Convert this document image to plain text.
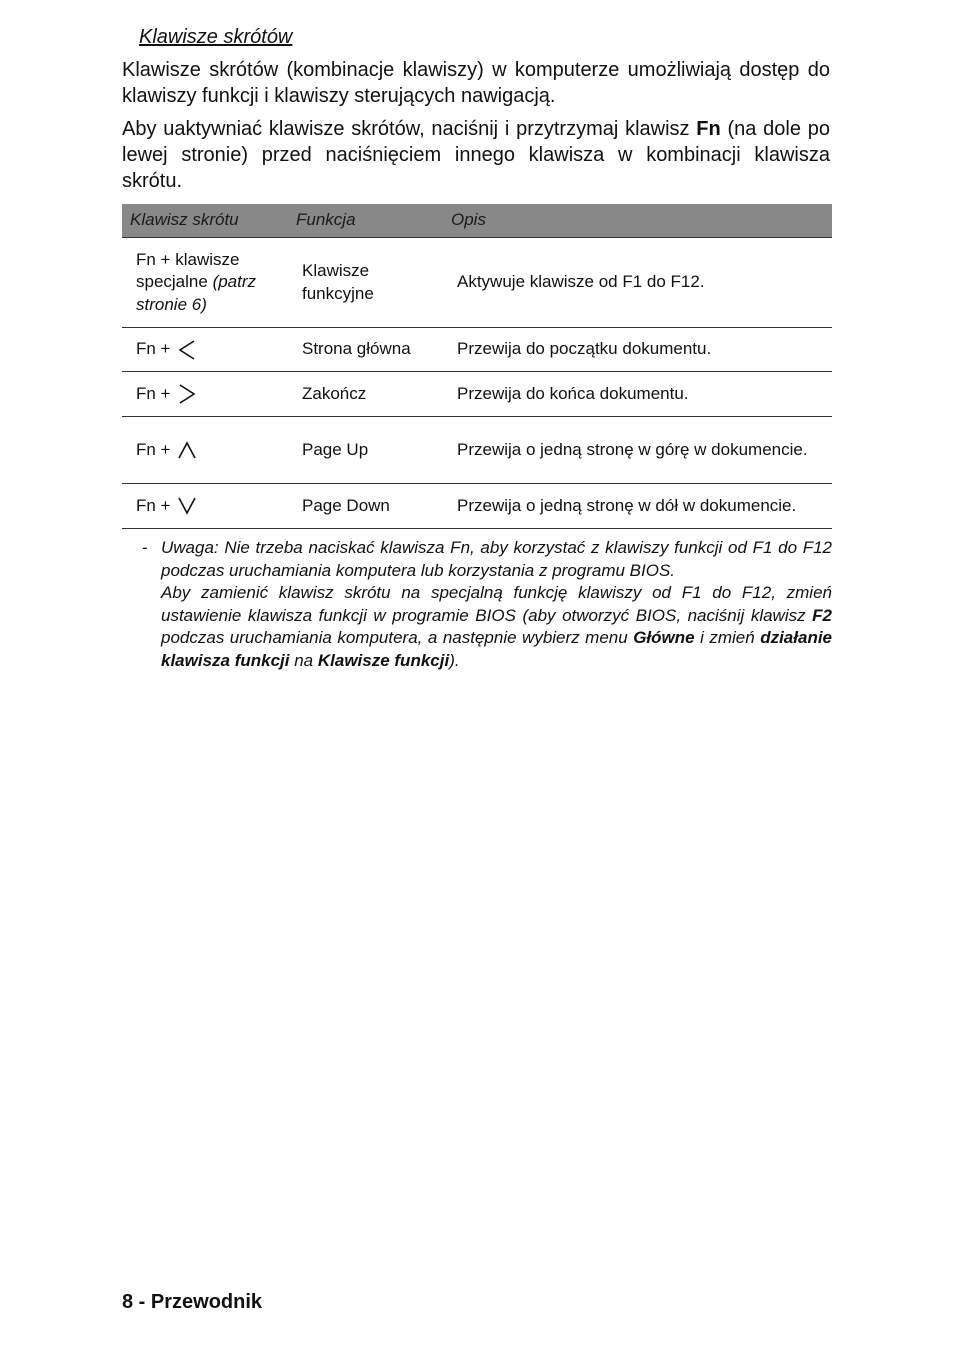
Klawisze skrótów

Klawisze skrótów (kombinacje klawiszy) w komputerze umożliwiają dostęp do klawiszy funkcji i klawiszy sterujących nawigacją.

Aby uaktywniać klawisze skrótów, naciśnij i przytrzymaj klawisz Fn (na dole po lewej stronie) przed naciśnięciem innego klawisza w kombinacji klawisza skrótu.

Klawisz skrótu	Funkcja	Opis
Fn + klawisze specjalne (patrz stronie 6)	Klawisze funkcyjne	Aktywuje klawisze od F1 do F12.
Fn +	Strona główna	Przewija do początku dokumentu.
Fn +	Zakończ	Przewija do końca dokumentu.
Fn +	Page Up	Przewija o jedną stronę w górę w dokumencie.
Fn +	Page Down	Przewija o jedną stronę w dół w dokumencie.
- Uwaga: Nie trzeba naciskać klawisza Fn, aby korzystać z klawiszy funkcji od F1 do F12 podczas uruchamiania komputera lub korzystania z programu BIOS.

Aby zamienić klawisz skrótu na specjalną funkcję klawiszy od F1 do F12, zmień ustawienie klawisza funkcji w programie BIOS (aby otworzyć BIOS, naciśnij klawisz F2 podczas uruchamiania komputera, a następnie wybierz menu Główne i zmień działanie klawisza funkcji na Klawisze funkcji).

8 - Przewodnik
